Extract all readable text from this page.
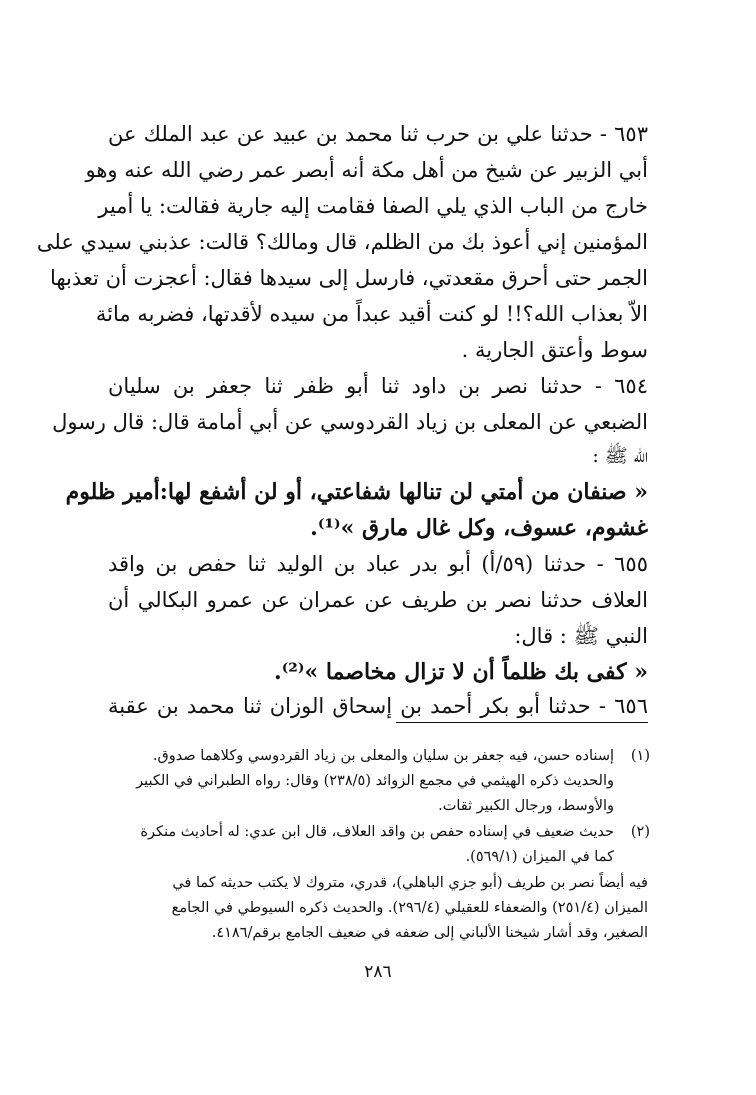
٦٥٣ - حدثنا علي بن حرب ثنا محمد بن عبيد عن عبد الملك عن
أبي الزبير عن شيخ من أهل مكة أنه أبصر عمر رضي الله عنه وهو
خارج من الباب الذي يلي الصفا فقامت إليه جارية فقالت: يا أمير
المؤمنين إني أعوذ بك من الظلم، قال ومالك؟ قالت: عذبني سيدي على
الجمر حتى أحرق مقعدتي، فارسل إلى سيدها فقال: أعجزت أن تعذبها
الاّ بعذاب الله؟!! لو كنت أقيد عبداً من سيده لأقدتها، فضربه مائة
سوط وأعتق الجارية .
٦٥٤ - حدثنا نصر بن داود ثنا أبو ظفر ثنا جعفر بن سليان
الضبعي عن المعلى بن زياد القردوسي عن أبي أمامة قال: قال رسول
الله ﷺ :
« صنفان من أمتي لن تنالها شفاعتي، أو لن أشفع لها:أمير ظلوم
غشوم، عسوف، وكل غال مارق »⁽¹⁾.
٦٥٥ - حدثنا (٥٩/أ) أبو بدر عباد بن الوليد ثنا حفص بن واقد
العلاف حدثنا نصر بن طريف عن عمران عن عمرو البكالي أن
النبي ﷺ : قال:
« كفى بك ظلماً أن لا تزال مخاصما »⁽²⁾.
٦٥٦ - حدثنا أبو بكر أحمد بن إسحاق الوزان ثنا محمد بن عقبة
(١)
إسناده حسن، فيه جعفر بن سليان والمعلى بن زياد القردوسي وكلاهما صدوق.
والحديث ذكره الهيثمي في مجمع الزوائد (٢٣٨/٥) وقال: رواه الطبراني في الكبير
والأوسط، ورجال الكبير ثقات.
(٢)
حديث ضعيف في إسناده حفص بن واقد العلاف، قال ابن عدي: له أحاديث منكرة
كما في الميزان (٥٦٩/١).
فيه أيضاً نصر بن طريف (أبو جزي الباهلي)، قدري، متروك لا يكتب حديثه كما في
الميزان (٢٥١/٤) والضعفاء للعقيلي (٢٩٦/٤). والحديث ذكره السيوطي في الجامع
الصغير، وقد أشار شيخنا الألباني إلى ضعفه في ضعيف الجامع برقم/٤١٨٦.
٢٨٦
